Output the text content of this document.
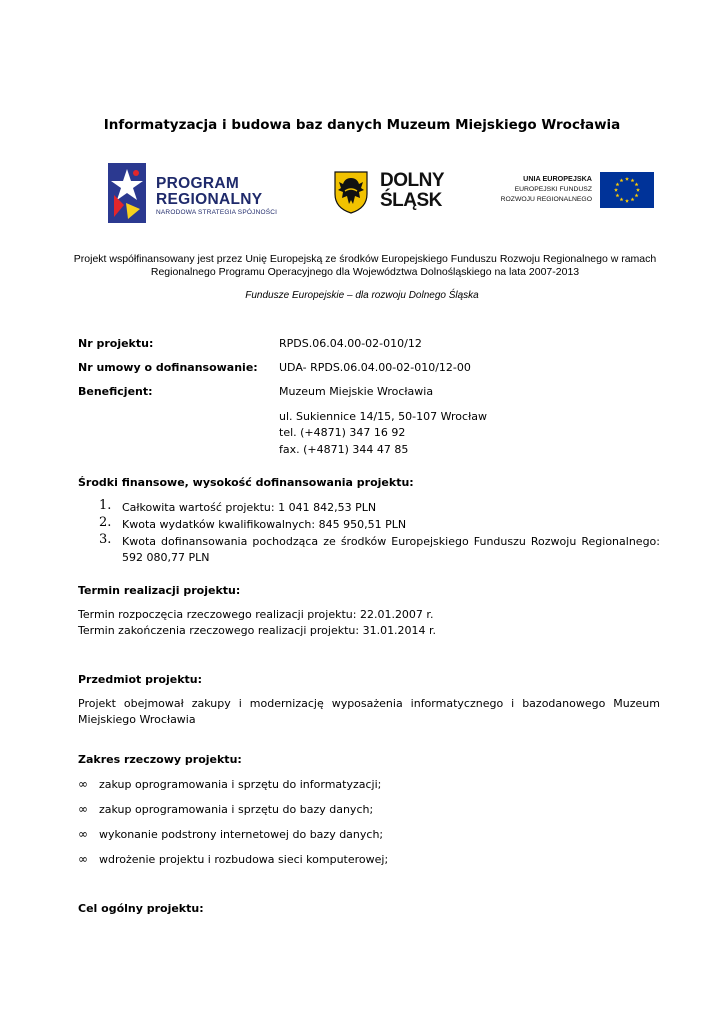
Informatyzacja i budowa baz danych Muzeum Miejskiego Wrocławia
PROGRAM
REGIONALNY
NARODOWA STRATEGIA SPÓJNOŚCI
DOLNY
ŚLĄSK
UNIA EUROPEJSKA
EUROPEJSKI FUNDUSZ
ROZWOJU REGIONALNEGO
Projekt współfinansowany jest przez Unię Europejską ze środków Europejskiego Funduszu Rozwoju Regionalnego w ramach Regionalnego Programu Operacyjnego dla Województwa Dolnośląskiego na lata 2007-2013
Fundusze Europejskie – dla rozwoju Dolnego Śląska
Nr projektu:	RPDS.06.04.00-02-010/12
Nr umowy o dofinansowanie: UDA- RPDS.06.04.00-02-010/12-00
Beneficjent:	Muzeum Miejskie Wrocławia
ul. Sukiennice 14/15, 50-107 Wrocław
tel. (+4871) 347 16 92
fax. (+4871) 344 47 85
Środki finansowe, wysokość dofinansowania projektu:
1. Całkowita wartość projektu: 1 041 842,53 PLN
2. Kwota wydatków kwalifikowalnych: 845 950,51 PLN
3. Kwota dofinansowania pochodząca ze środków Europejskiego Funduszu Rozwoju Regionalnego: 592 080,77 PLN
Termin realizacji projektu:
Termin rozpoczęcia rzeczowego realizacji projektu: 22.01.2007 r.
Termin zakończenia rzeczowego realizacji projektu: 31.01.2014 r.
Przedmiot projektu:
Projekt obejmował zakupy i modernizację wyposażenia informatycznego i bazodanowego Muzeum Miejskiego Wrocławia
Zakres rzeczowy projektu:
∞ zakup oprogramowania i sprzętu do informatyzacji;
∞ zakup oprogramowania i sprzętu do bazy danych;
∞ wykonanie podstrony internetowej do bazy danych;
∞ wdrożenie projektu i rozbudowa sieci komputerowej;
Cel ogólny projektu:
